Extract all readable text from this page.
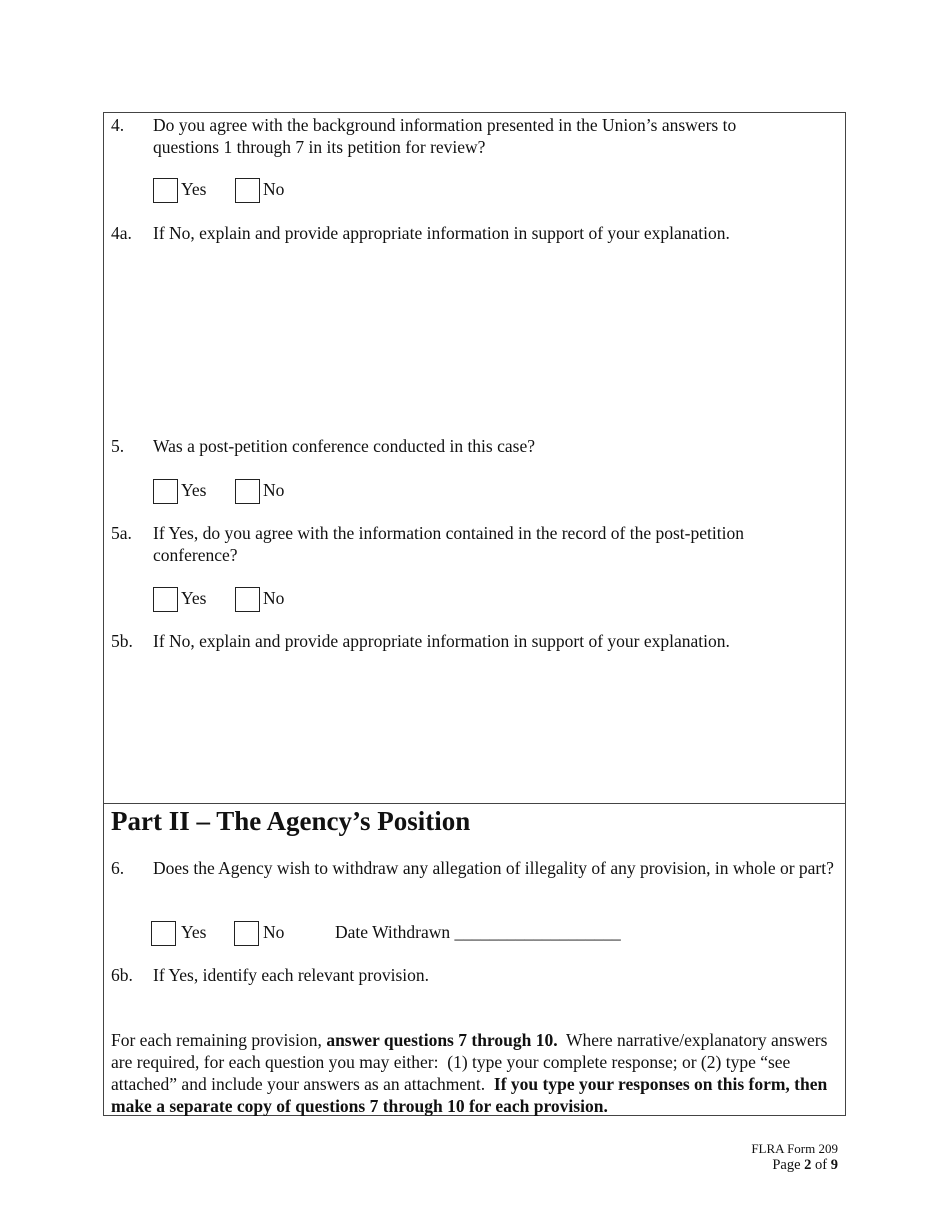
4. Do you agree with the background information presented in the Union’s answers to questions 1 through 7 in its petition for review?
Yes	No
4a. If No, explain and provide appropriate information in support of your explanation.
5. Was a post-petition conference conducted in this case?
Yes	No
5a. If Yes, do you agree with the information contained in the record of the post-petition conference?
Yes	No
5b. If No, explain and provide appropriate information in support of your explanation.
Part II – The Agency’s Position
6. Does the Agency wish to withdraw any allegation of illegality of any provision, in whole or part?
Yes	No	Date Withdrawn ___________________
6b. If Yes, identify each relevant provision.
For each remaining provision, answer questions 7 through 10.  Where narrative/explanatory answers are required, for each question you may either:  (1) type your complete response; or (2) type “see attached” and include your answers as an attachment.  If you type your responses on this form, then make a separate copy of questions 7 through 10 for each provision.
FLRA Form 209
Page 2 of 9
